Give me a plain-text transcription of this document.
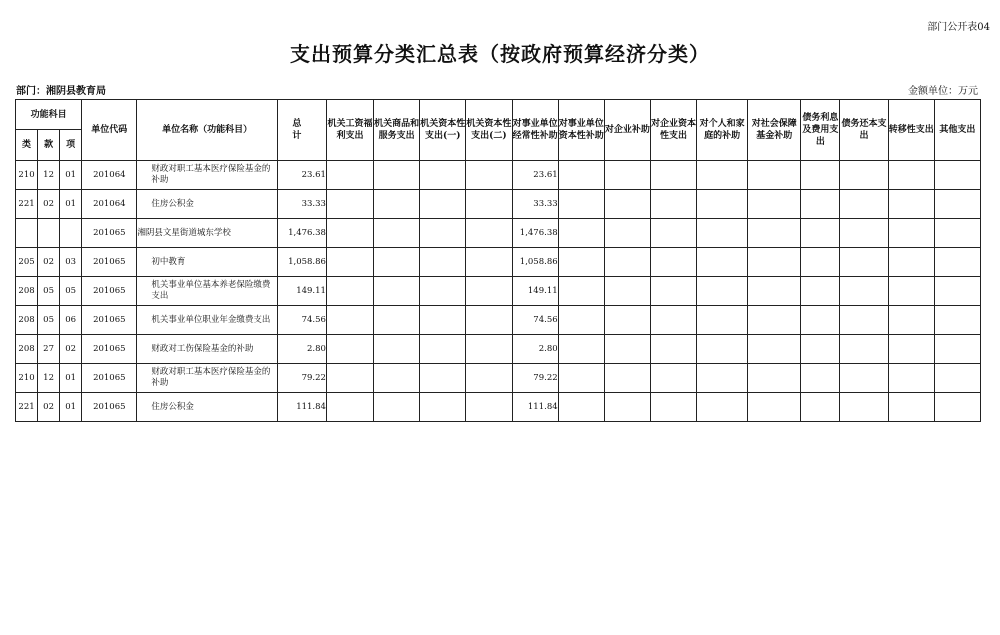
部门公开表04
支出预算分类汇总表（按政府预算经济分类）
部门：湘阴县教育局	金额单位：万元
功能科目			单位代码	单位名称（功能科目）	总 计	机关工资福利支出	机关商品和服务支出	机关资本性支出(一)	机关资本性支出(二)	对事业单位经常性补助	对事业单位资本性补助	对企业补助	对企业资本性支出	对个人和家庭的补助	对社会保障基金补助	债务利息及费用支出	债务还本支出	转移性支出	其他支出
类	款	项																	
210	12	01	201064	财政对职工基本医疗保险基金的补助	23.61					23.61									
221	02	01	201064	住房公积金	33.33					33.33									
			201065	湘阴县文星街道城东学校	1,476.38					1,476.38									
205	02	03	201065	初中教育	1,058.86					1,058.86									
208	05	05	201065	机关事业单位基本养老保险缴费支出	149.11					149.11									
208	05	06	201065	机关事业单位职业年金缴费支出	74.56					74.56									
208	27	02	201065	财政对工伤保险基金的补助	2.80					2.80									
210	12	01	201065	财政对职工基本医疗保险基金的补助	79.22					79.22									
221	02	01	201065	住房公积金	111.84					111.84									
